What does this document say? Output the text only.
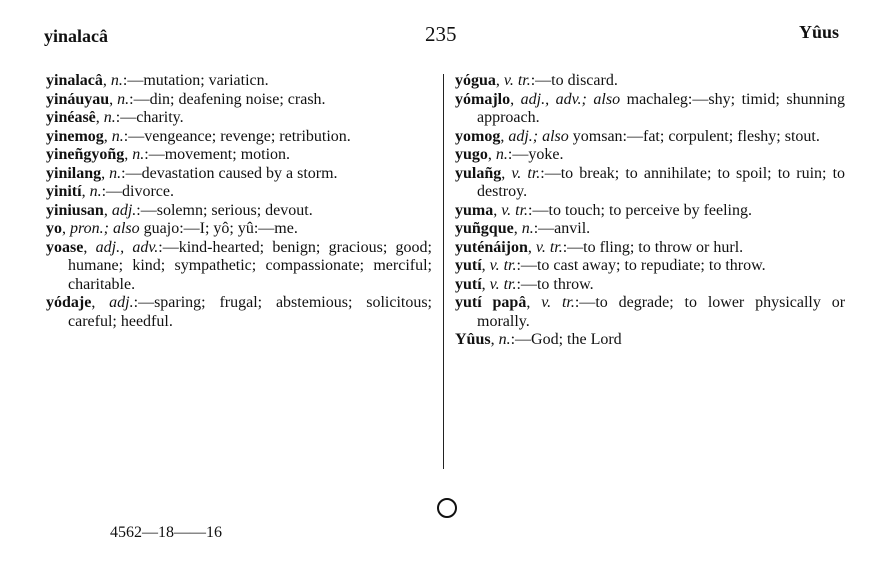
yinalacâ	235	Yûus
yinalacâ, n.:—mutation; variaticn.
yináuyau, n.:—din; deafening noise; crash.
yinéasê, n.:—charity.
yinemog, n.:—vengeance; revenge; retribution.
yineñgyoñg, n.:—movement; motion.
yinilang, n.:—devastation caused by a storm.
yinití, n.:—divorce.
yiniusan, adj.:—solemn; serious; devout.
yo, pron.; also guajo:—I; yô; yû:—me.
yoase, adj., adv.:—kind-hearted; benign; gracious; good; humane; kind; sympathetic; compassionate; merciful; charitable.
yódaje, adj.:—sparing; frugal; abstemious; solicitous; careful; heedful.
yógua, v. tr.:—to discard.
yómajlo, adj., adv.; also machaleg:—shy; timid; shunning approach.
yomog, adj.; also yomsan:—fat; corpulent; fleshy; stout.
yugo, n.:—yoke.
yulañg, v. tr.:—to break; to annihilate; to spoil; to ruin; to destroy.
yuma, v. tr.:—to touch; to perceive by feeling.
yuñgque, n.:—anvil.
yuténáijon, v. tr.:—to fling; to throw or hurl.
yutí, v. tr.:—to cast away; to repudiate; to throw.
yutí, v. tr.:—to throw.
yutí papâ, v. tr.:—to degrade; to lower physically or morally.
Yûus, n.:—God; the Lord
4562—18——16
